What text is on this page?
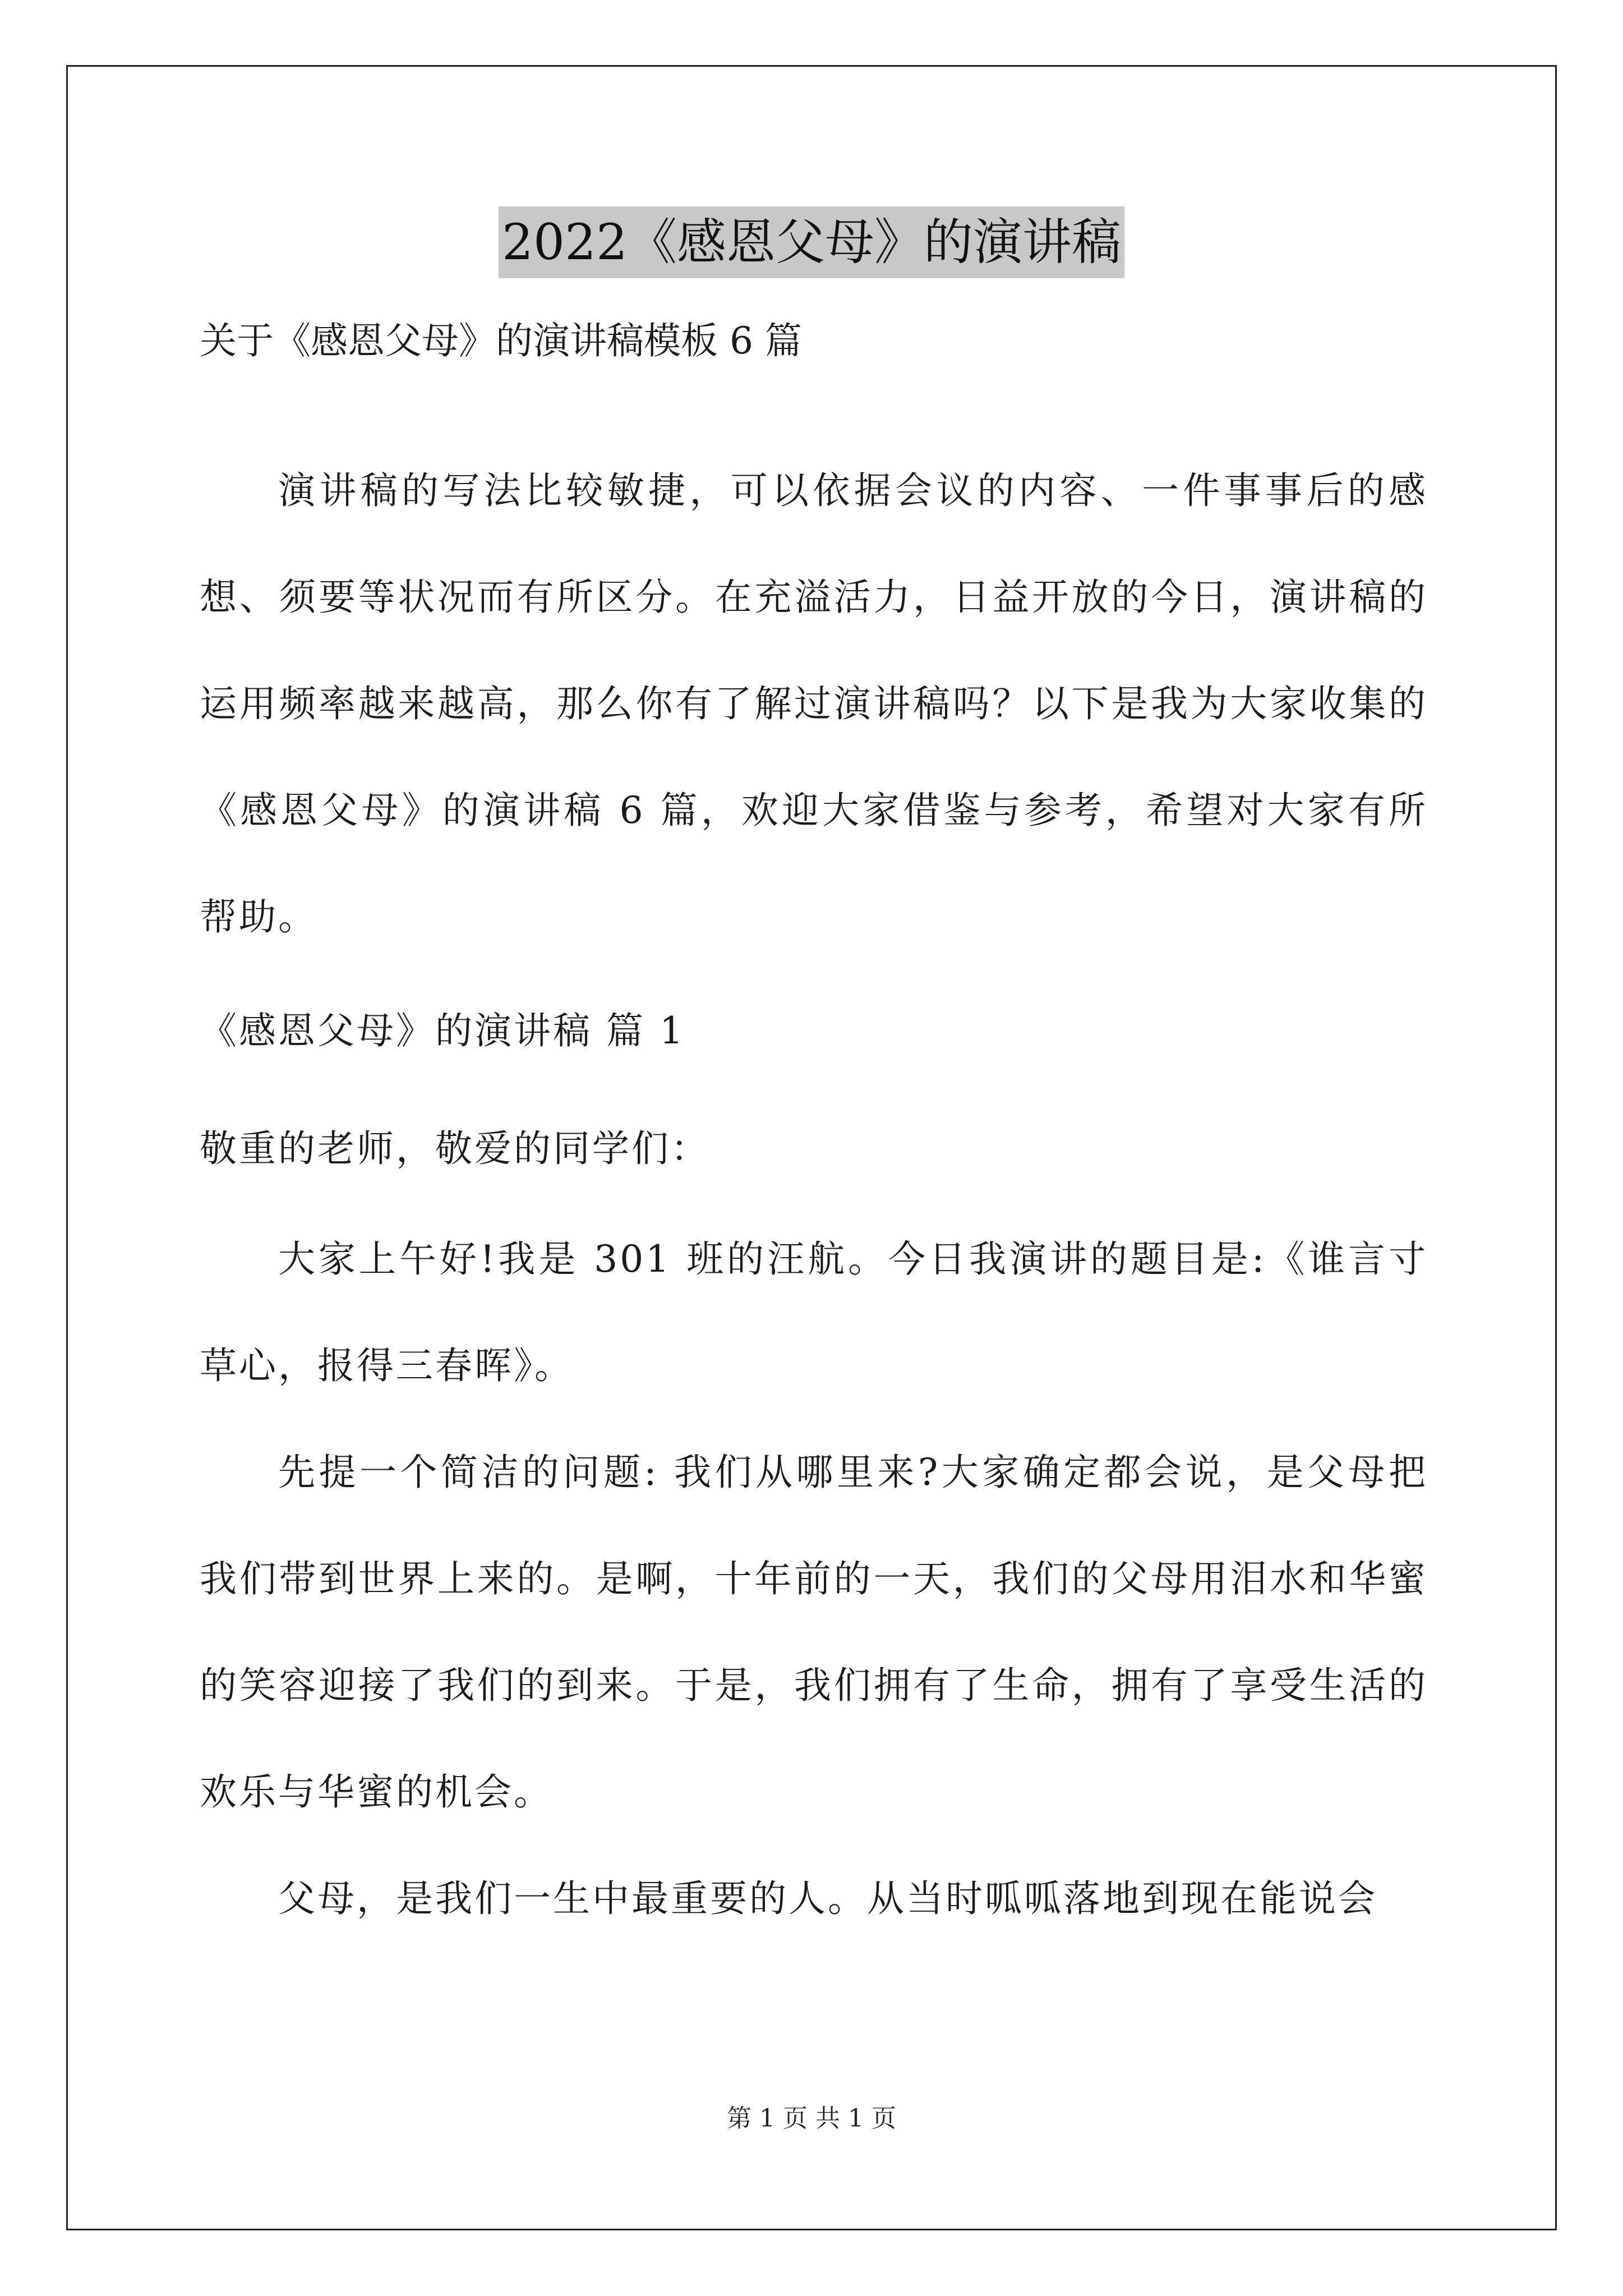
2022《感恩父母》的演讲稿
关于《感恩父母》的演讲稿模板 6 篇
演讲稿的写法比较敏捷，可以依据会议的内容、一件事事后的感想、须要等状况而有所区分。在充溢活力，日益开放的今日，演讲稿的运用频率越来越高，那么你有了解过演讲稿吗？以下是我为大家收集的《感恩父母》的演讲稿 6 篇，欢迎大家借鉴与参考，希望对大家有所帮助。
《感恩父母》的演讲稿 篇 1
敬重的老师，敬爱的同学们：
大家上午好!我是 301 班的汪航。今日我演讲的题目是:《谁言寸草心，报得三春晖》。
先提一个简洁的问题: 我们从哪里来?大家确定都会说，是父母把我们带到世界上来的。是啊，十年前的一天，我们的父母用泪水和华蜜的笑容迎接了我们的到来。于是，我们拥有了生命，拥有了享受生活的欢乐与华蜜的机会。
父母，是我们一生中最重要的人。从当时呱呱落地到现在能说会
第 1 页 共 1 页
